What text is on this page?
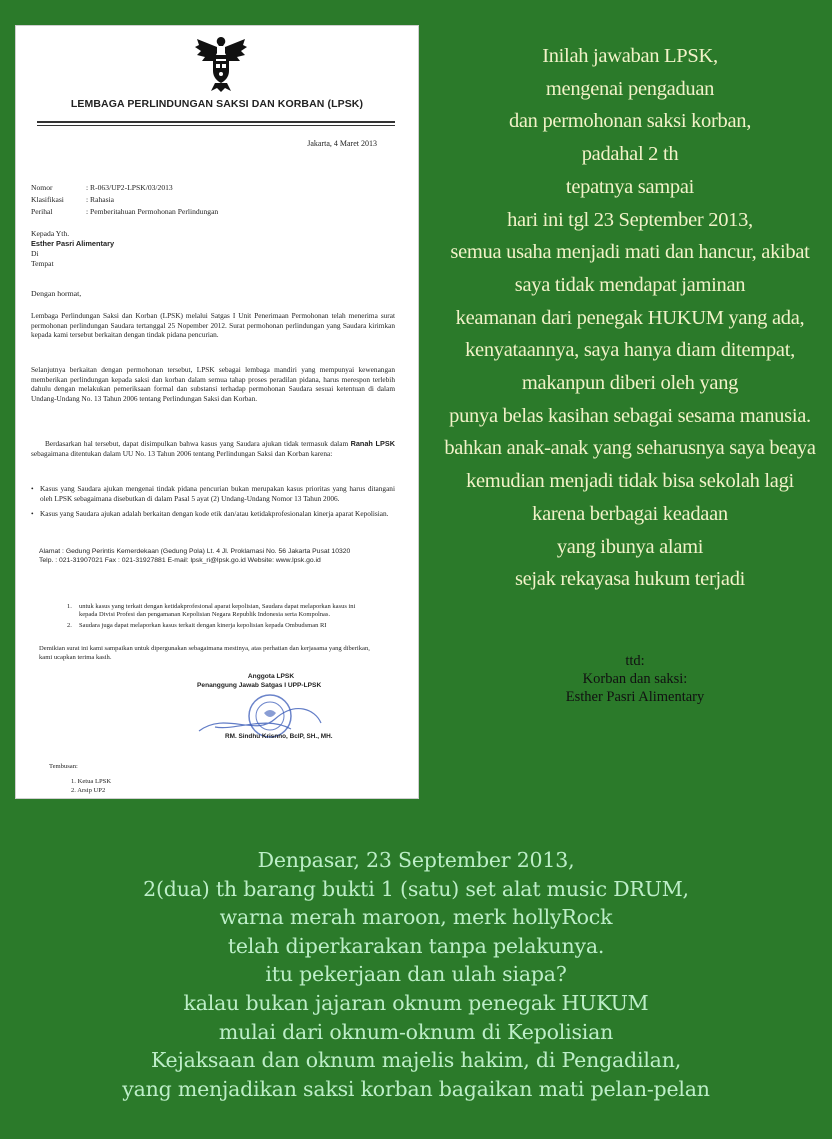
LEMBAGA PERLINDUNGAN SAKSI DAN KORBAN (LPSK)
Jakarta, 4 Maret 2013
Nomor	: R-063/UP2-LPSK/03/2013
Klasifikasi	: Rahasia
Perihal	: Pemberitahuan Permohonan Perlindungan
Kepada Yth.
Esther Pasri Alimentary
Di
Tempat
Dengan hormat,
Lembaga Perlindungan Saksi dan Korban (LPSK) melalui Satgas I Unit Penerimaan Permohonan telah menerima surat permohonan perlindungan Saudara tertanggal 25 Nopember 2012. Surat permohonan perlindungan yang Saudara kirimkan kepada kami tersebut berkaitan dengan tindak pidana pencurian.
Selanjutnya berkaitan dengan permohonan tersebut, LPSK sebagai lembaga mandiri yang mempunyai kewenangan memberikan perlindungan kepada saksi dan korban dalam semua tahap proses peradilan pidana, harus merespon terlebih dahulu dengan melakukan pemeriksaan formal dan substansi terhadap permohonan Saudara sesuai ketentuan di dalam Undang-Undang No. 13 Tahun 2006 tentang Perlindungan Saksi dan Korban.
Berdasarkan hal tersebut, dapat disimpulkan bahwa kasus yang Saudara ajukan tidak termasuk dalam Ranah LPSK sebagaimana ditentukan dalam UU No. 13 Tahun 2006 tentang Perlindungan Saksi dan Korban karena:
• Kasus yang Saudara ajukan mengenai tindak pidana pencurian bukan merupakan kasus prioritas yang harus ditangani oleh LPSK sebagaimana disebutkan di dalam Pasal 5 ayat (2) Undang-Undang Nomor 13 Tahun 2006.
• Kasus yang Saudara ajukan adalah berkaitan dengan kode etik dan/atau ketidakprofesionalan kinerja aparat Kepolisian.
Alamat : Gedung Perintis Kemerdekaan (Gedung Pola) Lt. 4 Jl. Proklamasi No. 56 Jakarta Pusat 10320
Telp. : 021-31907021 Fax : 021-31927881 E-mail: lpsk_ri@lpsk.go.id Website: www.lpsk.go.id
1. untuk kasus yang terkait dengan ketidakprofesional aparat kepolisian, Saudara dapat melaporkan kasus ini kepada Divisi Profesi dan pengamanan Kepolisian Negara Republik Indonesia serta Kompolnas.
2. Saudara juga dapat melaporkan kasus terkait dengan kinerja kepolisian kepada Ombudsman RI
Demikian surat ini kami sampaikan untuk dipergunakan sebagaimana mestinya, atas perhatian dan kerjasama yang diberikan, kami ucapkan terima kasih.
Anggota LPSK
Penanggung Jawab Satgas I UPP-LPSK
RM. Sindhu Krisnno, BcIP, SH., MH.
Tembusan:
1. Ketua LPSK
2. Arsip UP2
Inilah jawaban LPSK,
mengenai pengaduan
dan permohonan saksi korban,
padahal 2 th
tepatnya sampai
hari ini tgl 23 September 2013,
semua usaha menjadi mati dan hancur, akibat
saya tidak mendapat jaminan
keamanan dari penegak HUKUM yang ada,
kenyataannya, saya hanya diam ditempat,
makanpun diberi oleh yang
punya belas kasihan sebagai sesama manusia.
bahkan anak-anak yang seharusnya saya beaya
kemudian menjadi tidak bisa sekolah lagi
karena berbagai keadaan
yang ibunya alami
sejak rekayasa hukum terjadi
ttd:
Korban dan saksi:
Esther Pasri Alimentary
Denpasar, 23 September 2013,
2(dua) th barang bukti 1 (satu) set alat music DRUM,
warna merah maroon, merk hollyRock
telah diperkarakan tanpa pelakunya.
itu pekerjaan dan ulah siapa?
kalau bukan jajaran oknum penegak HUKUM
mulai dari oknum-oknum di Kepolisian
Kejaksaan dan oknum majelis hakim, di Pengadilan,
yang menjadikan saksi korban bagaikan mati pelan-pelan
